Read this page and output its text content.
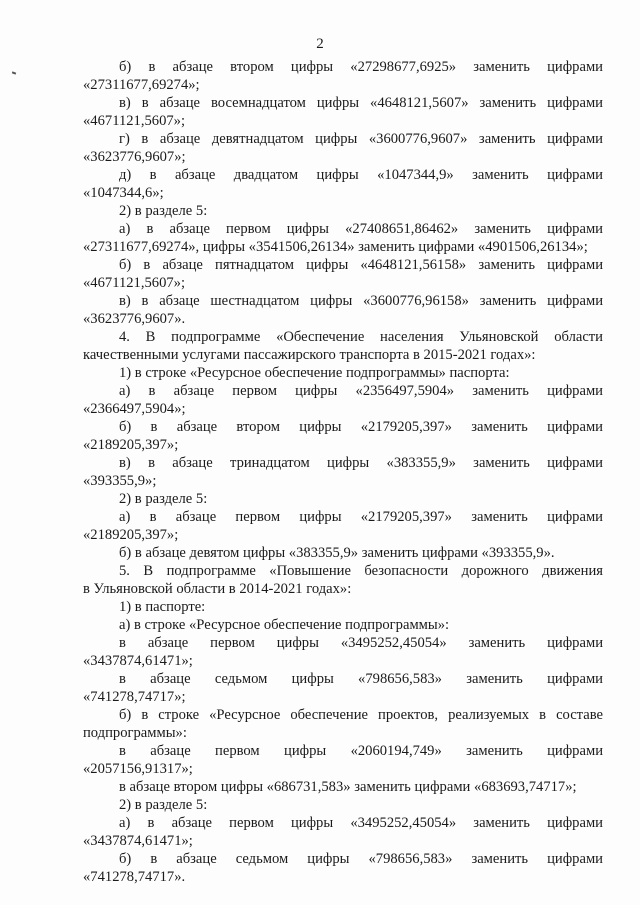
2

б) в абзаце втором цифры «27298677,6925» заменить цифрами

«27311677,69274»;

в) в абзаце восемнадцатом цифры «4648121,5607» заменить цифрами

«4671121,5607»;

г) в абзаце девятнадцатом цифры «3600776,9607» заменить цифрами

«3623776,9607»;

д) в абзаце двадцатом цифры «1047344,9» заменить цифрами

«1047344,6»;

2) в разделе 5:

а) в абзаце первом цифры «27408651,86462» заменить цифрами

«27311677,69274», цифры «3541506,26134» заменить цифрами «4901506,26134»;

б) в абзаце пятнадцатом цифры «4648121,56158» заменить цифрами

«4671121,5607»;

в) в абзаце шестнадцатом цифры «3600776,96158» заменить цифрами

«3623776,9607».

4. В подпрограмме «Обеспечение населения Ульяновской области

качественными услугами пассажирского транспорта в 2015-2021 годах»:

1) в строке «Ресурсное обеспечение подпрограммы» паспорта:

а) в абзаце первом цифры «2356497,5904» заменить цифрами

«2366497,5904»;

б) в абзаце втором цифры «2179205,397» заменить цифрами

«2189205,397»;

в) в абзаце тринадцатом цифры «383355,9» заменить цифрами

«393355,9»;

2) в разделе 5:

а) в абзаце первом цифры «2179205,397» заменить цифрами

«2189205,397»;

б) в абзаце девятом цифры «383355,9» заменить цифрами «393355,9».

5. В подпрограмме «Повышение безопасности дорожного движения

в Ульяновской области в 2014-2021 годах»:

1) в паспорте:

а) в строке «Ресурсное обеспечение подпрограммы»:

в абзаце первом цифры «3495252,45054» заменить цифрами

«3437874,61471»;

в абзаце седьмом цифры «798656,583» заменить цифрами

«741278,74717»;

б) в строке «Ресурсное обеспечение проектов, реализуемых в составе

подпрограммы»:

в абзаце первом цифры «2060194,749» заменить цифрами

«2057156,91317»;

в абзаце втором цифры «686731,583» заменить цифрами «683693,74717»;

2) в разделе 5:

а) в абзаце первом цифры «3495252,45054» заменить цифрами

«3437874,61471»;

б) в абзаце седьмом цифры «798656,583» заменить цифрами

«741278,74717».
